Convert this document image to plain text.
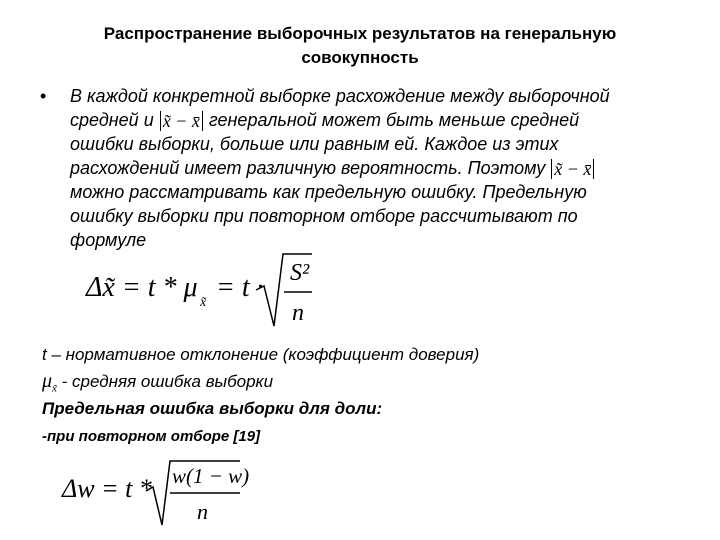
Распространение выборочных результатов на генеральную
совокупность
• В каждой конкретной выборке расхождение между выборочной
средней и x̃ − x̄ генеральной может быть меньше средней
ошибки выборки, больше или равным ей. Каждое из этих
расхождений имеет различную вероятность. Поэтому x̃ − x̄
можно рассматривать как предельную ошибку. Предельную
ошибку выборки при повторном отборе рассчитывают по
формуле
Δx̃ = t * μ x̃ = t · S²
n
t – нормативное отклонение (коэффициент доверия)
$\mu_{x̃}$ - средняя ошибка выборки
Предельная ошибка выборки для доли:
-при повторном отборе [19]
Δw = t * w(1 − w)
n
